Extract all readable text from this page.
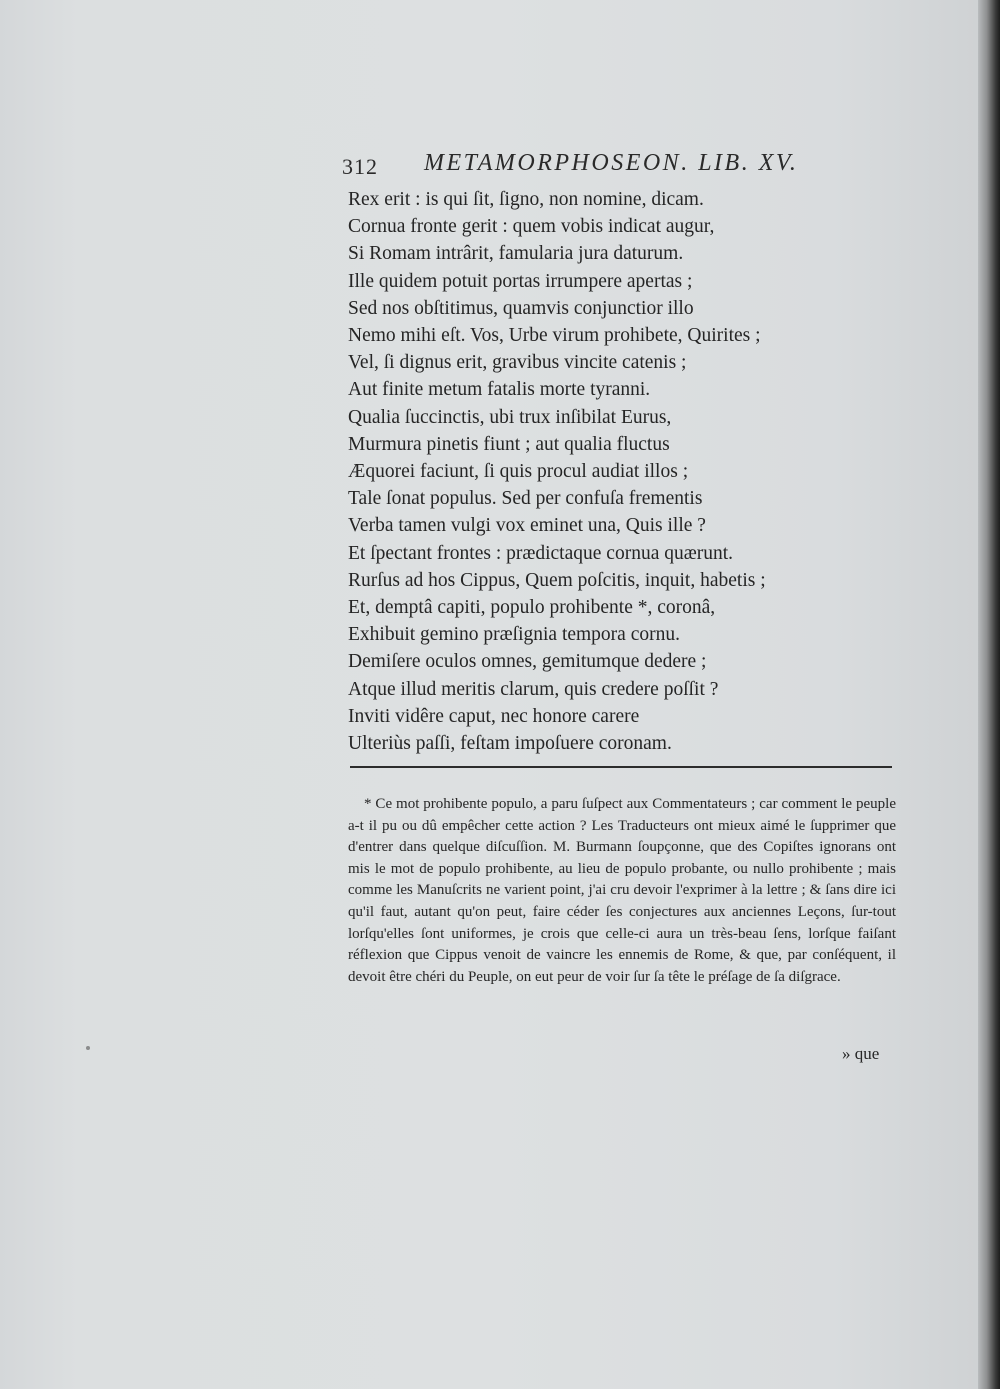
312 METAMORPHOSEON. LIB. XV.
Rex erit : is qui ſit, ſigno, non nomine, dicam.
Cornua fronte gerit : quem vobis indicat augur,
Si Romam intrârit, famularia jura daturum.
Ille quidem potuit portas irrumpere apertas ;
Sed nos obſtitimus, quamvis conjunctior illo
Nemo mihi eſt. Vos, Urbe virum prohibete, Quirites ;
Vel, ſi dignus erit, gravibus vincite catenis ;
Aut finite metum fatalis morte tyranni.
Qualia ſuccinctis, ubi trux inſibilat Eurus,
Murmura pinetis fiunt ; aut qualia fluctus
Æquorei faciunt, ſi quis procul audiat illos ;
Tale ſonat populus. Sed per confuſa frementis
Verba tamen vulgi vox eminet una, Quis ille ?
Et ſpectant frontes : prædictaque cornua quærunt.
Rurſus ad hos Cippus, Quem poſcitis, inquit, habetis ;
Et, demptâ capiti, populo prohibente *, coronâ,
Exhibuit gemino præſignia tempora cornu.
Demiſere oculos omnes, gemitumque dedere ;
Atque illud meritis clarum, quis credere poſſit ?
Inviti vidêre caput, nec honore carere
Ulteriùs paſſi, feſtam impoſuere coronam.
* Ce mot prohibente populo, a paru ſuſpect aux Commentateurs ; car comment le peuple a-t il pu ou dû empêcher cette action ? Les Traducteurs ont mieux aimé le ſupprimer que d'entrer dans quelque diſcuſſion. M. Burmann ſoupçonne, que des Copiſtes ignorans ont mis le mot de populo prohibente, au lieu de populo probante, ou nullo prohibente ; mais comme les Manuſcrits ne varient point, j'ai cru devoir l'exprimer à la lettre ; & ſans dire ici qu'il faut, autant qu'on peut, faire céder ſes conjectures aux anciennes Leçons, ſur-tout lorſqu'elles ſont uniformes, je crois que celle-ci aura un très-beau ſens, lorſque faiſant réflexion que Cippus venoit de vaincre les ennemis de Rome, & que, par conſéquent, il devoit être chéri du Peuple, on eut peur de voir ſur ſa tête le préſage de ſa diſgrace.
» que
